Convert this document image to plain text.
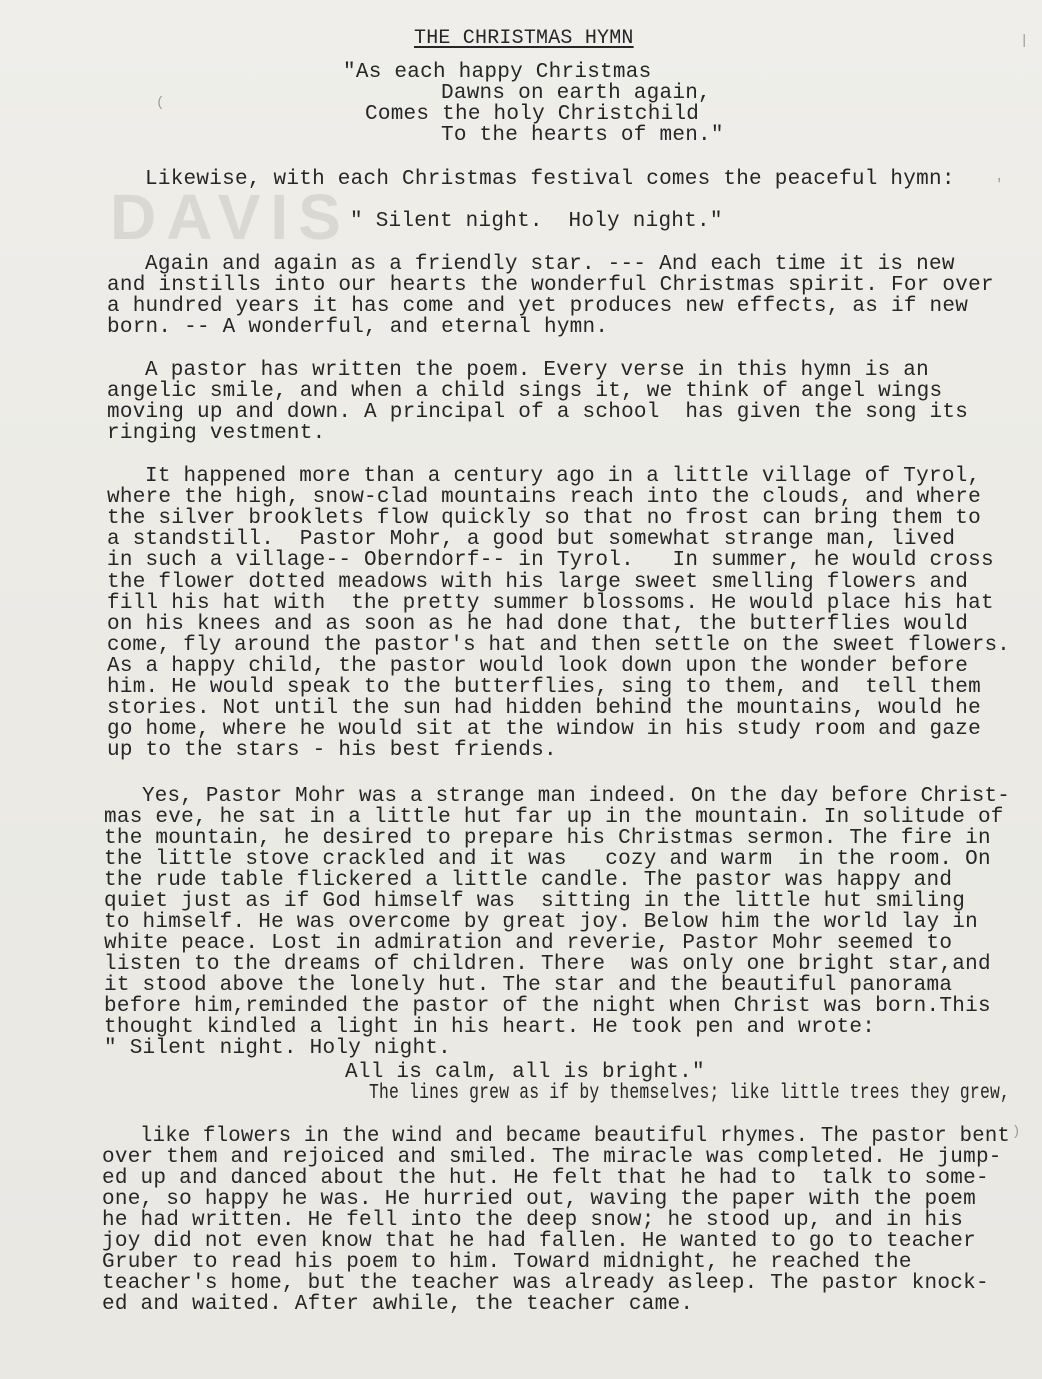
DAVIS
THE CHRISTMAS HYMN
"As each happy Christmas
Dawns on earth again,
Comes the holy Christchild
To the hearts of men."
Likewise, with each Christmas festival comes the peaceful hymn:
" Silent night.  Holy night."
Again and again as a friendly star. --- And each time it is new
and instills into our hearts the wonderful Christmas spirit. For over
a hundred years it has come and yet produces new effects, as if new
born. -- A wonderful, and eternal hymn.
A pastor has written the poem. Every verse in this hymn is an
angelic smile, and when a child sings it, we think of angel wings
moving up and down. A principal of a school  has given the song its
ringing vestment.
It happened more than a century ago in a little village of Tyrol,
where the high, snow-clad mountains reach into the clouds, and where
the silver brooklets flow quickly so that no frost can bring them to
a standstill.  Pastor Mohr, a good but somewhat strange man, lived
in such a village-- Oberndorf-- in Tyrol.   In summer, he would cross
the flower dotted meadows with his large sweet smelling flowers and
fill his hat with  the pretty summer blossoms. He would place his hat
on his knees and as soon as he had done that, the butterflies would
come, fly around the pastor's hat and then settle on the sweet flowers.
As a happy child, the pastor would look down upon the wonder before
him. He would speak to the butterflies, sing to them, and  tell them
stories. Not until the sun had hidden behind the mountains, would he
go home, where he would sit at the window in his study room and gaze
up to the stars - his best friends.
Yes, Pastor Mohr was a strange man indeed. On the day before Christ-
mas eve, he sat in a little hut far up in the mountain. In solitude of
the mountain, he desired to prepare his Christmas sermon. The fire in
the little stove crackled and it was   cozy and warm  in the room. On
the rude table flickered a little candle. The pastor was happy and
quiet just as if God himself was  sitting in the little hut smiling
to himself. He was overcome by great joy. Below him the world lay in
white peace. Lost in admiration and reverie, Pastor Mohr seemed to
listen to the dreams of children. There  was only one bright star,and
it stood above the lonely hut. The star and the beautiful panorama
before him,reminded the pastor of the night when Christ was born.This
thought kindled a light in his heart. He took pen and wrote:
" Silent night. Holy night.
All is calm, all is bright."
The lines grew as if by themselves; like little trees they grew,
like flowers in the wind and became beautiful rhymes. The pastor bent
over them and rejoiced and smiled. The miracle was completed. He jump-
ed up and danced about the hut. He felt that he had to  talk to some-
one, so happy he was. He hurried out, waving the paper with the poem
he had written. He fell into the deep snow; he stood up, and in his
joy did not even know that he had fallen. He wanted to go to teacher
Gruber to read his poem to him. Toward midnight, he reached the
teacher's home, but the teacher was already asleep. The pastor knock-
ed and waited. After awhile, the teacher came.
(
'
|
)
